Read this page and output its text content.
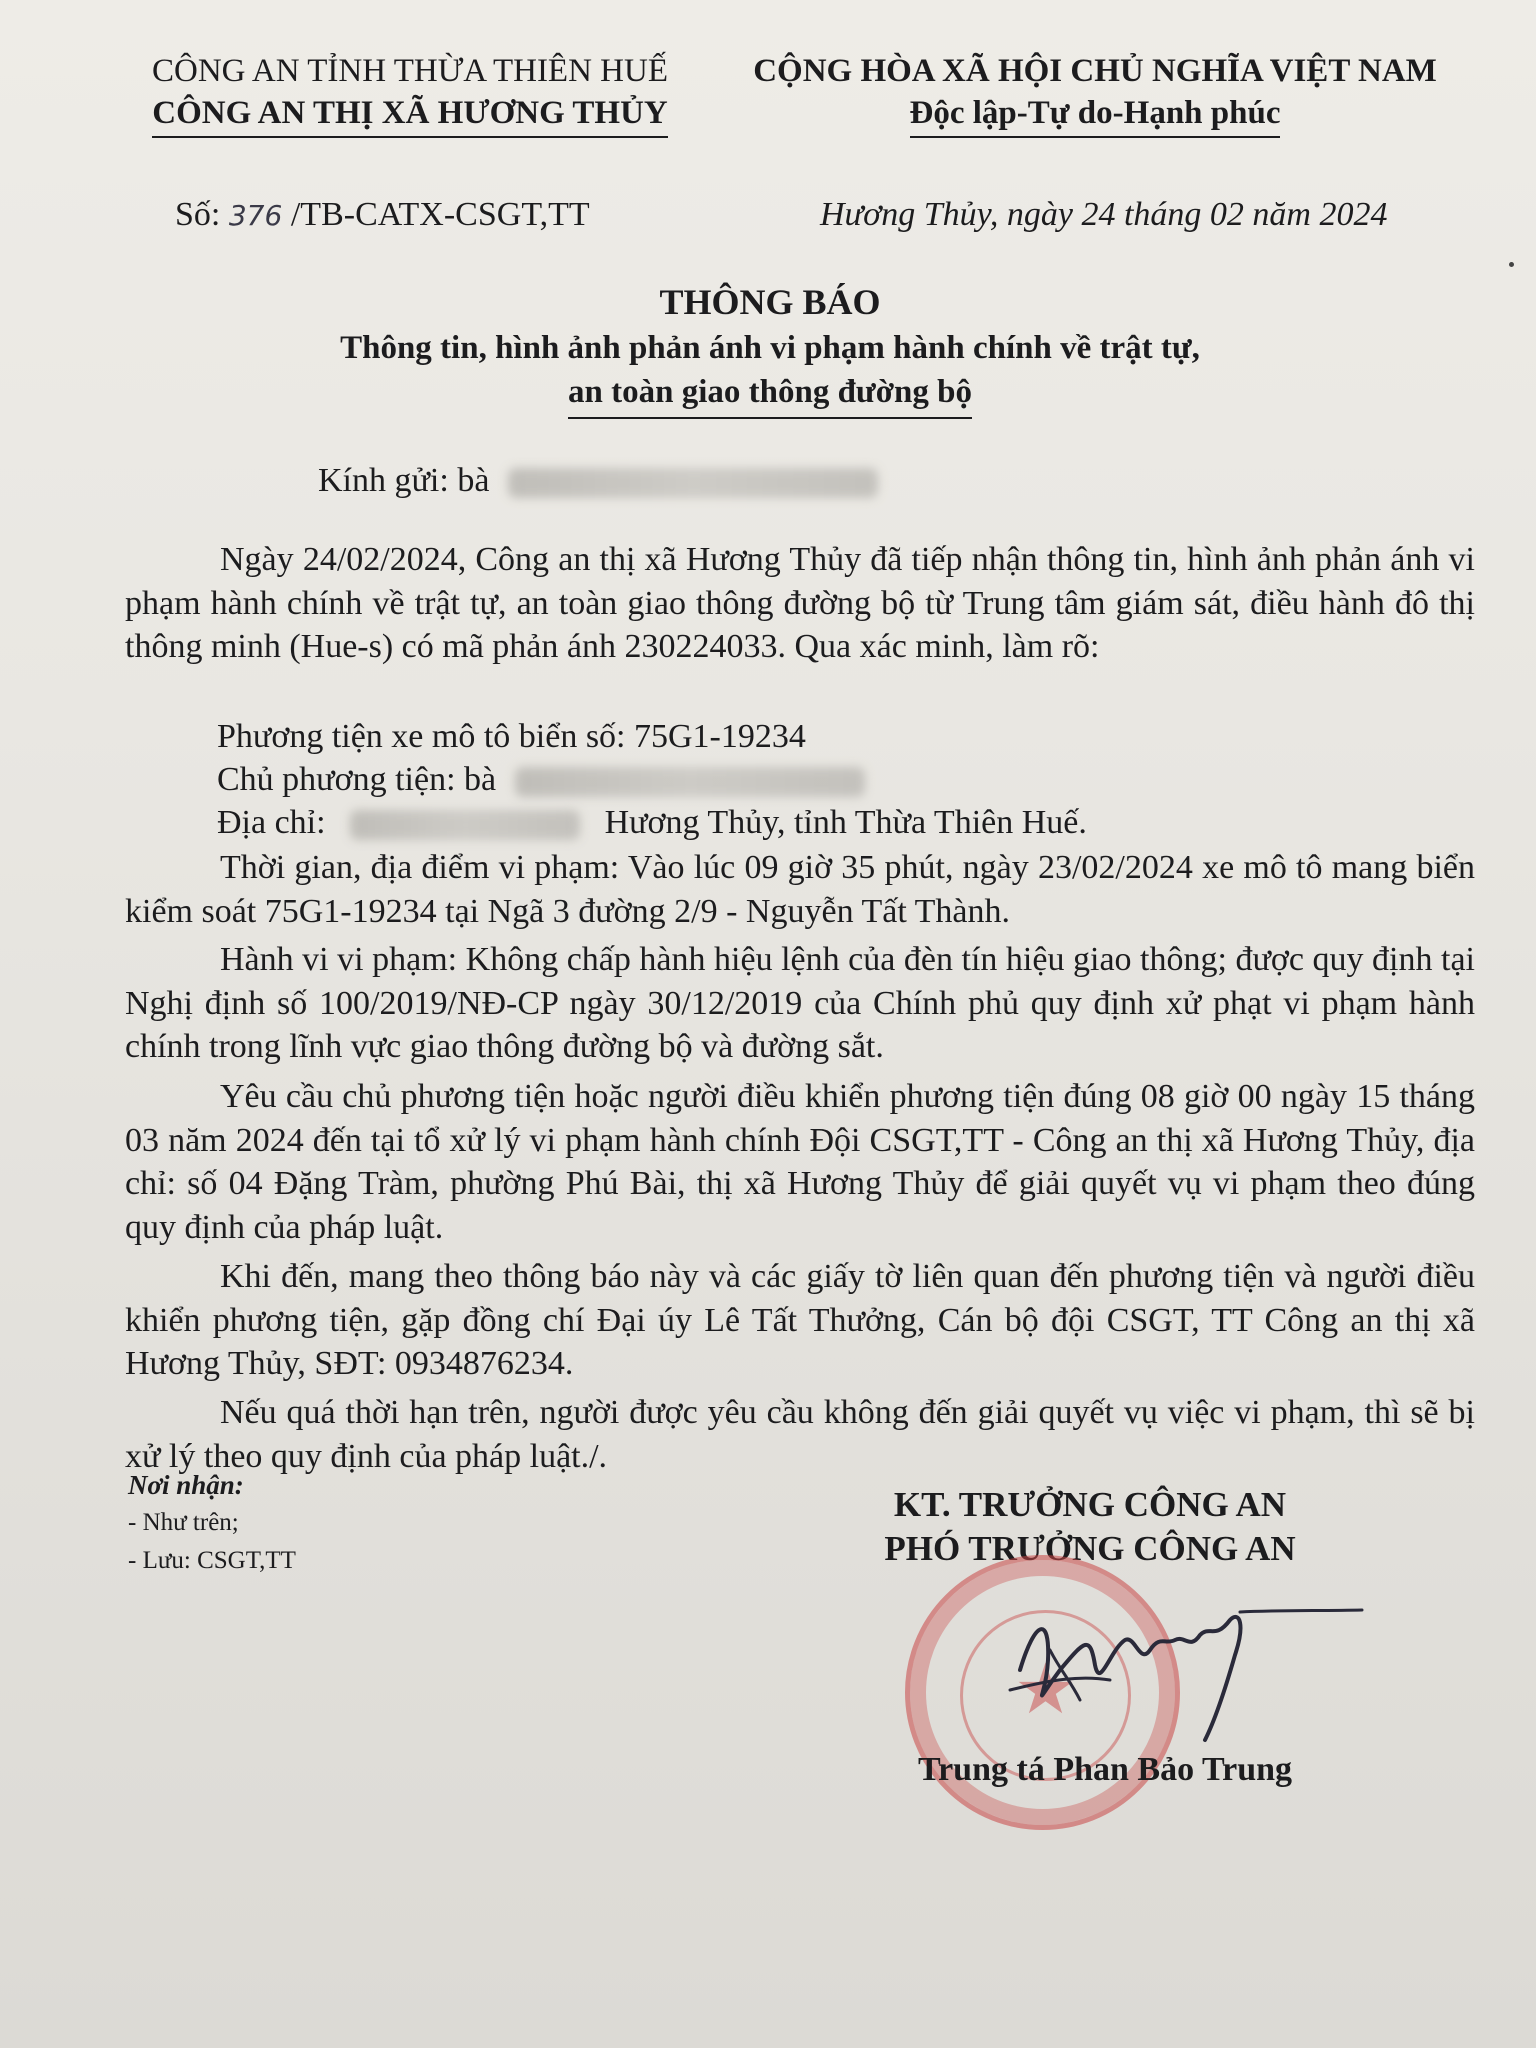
CÔNG AN TỈNH THỪA THIÊN HUẾ
CÔNG AN THỊ XÃ HƯƠNG THỦY
CỘNG HÒA XÃ HỘI CHỦ NGHĨA VIỆT NAM
Độc lập-Tự do-Hạnh phúc
Số: 376 /TB-CATX-CSGT,TT	Hương Thủy, ngày 24 tháng 02 năm 2024
THÔNG BÁO
Thông tin, hình ảnh phản ánh vi phạm hành chính về trật tự,
an toàn giao thông đường bộ
Kính gửi: bà
Ngày 24/02/2024, Công an thị xã Hương Thủy đã tiếp nhận thông tin, hình ảnh phản ánh vi phạm hành chính về trật tự, an toàn giao thông đường bộ từ Trung tâm giám sát, điều hành đô thị thông minh (Hue-s) có mã phản ánh 230224033. Qua xác minh, làm rõ:
Phương tiện xe mô tô biển số: 75G1-19234
Chủ phương tiện: bà
Địa chỉ:	Hương Thủy, tỉnh Thừa Thiên Huế.
Thời gian, địa điểm vi phạm: Vào lúc 09 giờ 35 phút, ngày 23/02/2024 xe mô tô mang biển kiểm soát 75G1-19234 tại Ngã 3 đường 2/9 - Nguyễn Tất Thành.
Hành vi vi phạm: Không chấp hành hiệu lệnh của đèn tín hiệu giao thông; được quy định tại Nghị định số 100/2019/NĐ-CP ngày 30/12/2019 của Chính phủ quy định xử phạt vi phạm hành chính trong lĩnh vực giao thông đường bộ và đường sắt.
Yêu cầu chủ phương tiện hoặc người điều khiển phương tiện đúng 08 giờ 00 ngày 15 tháng 03 năm 2024 đến tại tổ xử lý vi phạm hành chính Đội CSGT,TT - Công an thị xã Hương Thủy, địa chỉ: số 04 Đặng Tràm, phường Phú Bài, thị xã Hương Thủy để giải quyết vụ vi phạm theo đúng quy định của pháp luật.
Khi đến, mang theo thông báo này và các giấy tờ liên quan đến phương tiện và người điều khiển phương tiện, gặp đồng chí Đại úy Lê Tất Thưởng, Cán bộ đội CSGT, TT Công an thị xã Hương Thủy, SĐT: 0934876234.
Nếu quá thời hạn trên, người được yêu cầu không đến giải quyết vụ việc vi phạm, thì sẽ bị xử lý theo quy định của pháp luật./.
Nơi nhận:
- Như trên;
- Lưu: CSGT,TT
KT. TRƯỞNG CÔNG AN
PHÓ TRƯỞNG CÔNG AN
★
Trung tá Phan Bảo Trung
